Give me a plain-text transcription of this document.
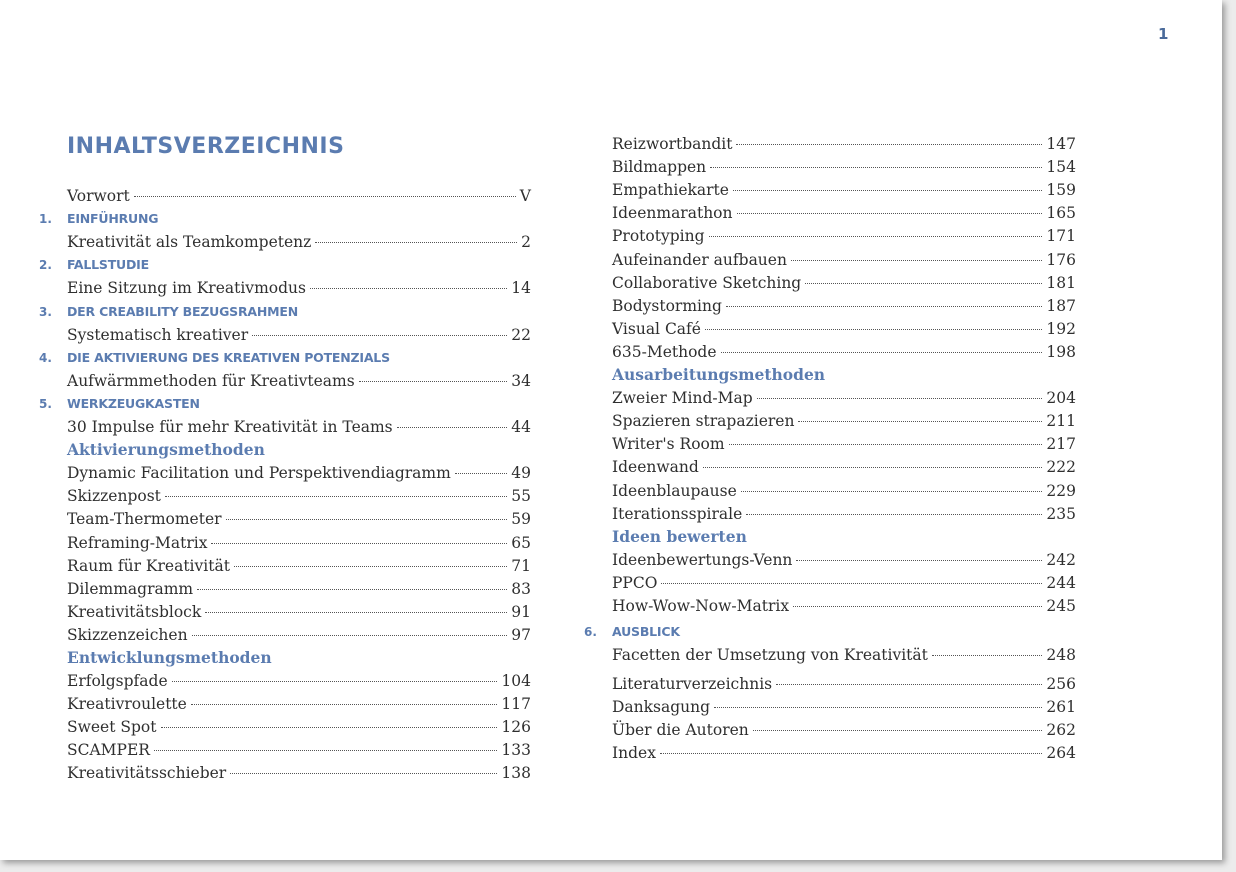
1
INHALTSVERZEICHNIS
Vorwort	V
1. EINFÜHRUNG
Kreativität als Teamkompetenz	2
2. FALLSTUDIE
Eine Sitzung im Kreativmodus	14
3. DER CREABILITY BEZUGSRAHMEN
Systematisch kreativer	22
4. DIE AKTIVIERUNG DES KREATIVEN POTENZIALS
Aufwärmmethoden für Kreativteams	34
5. WERKZEUGKASTEN
30 Impulse für mehr Kreativität in Teams	44
Aktivierungsmethoden
Dynamic Facilitation und Perspektivendiagramm	49
Skizzenpost	55
Team-Thermometer	59
Reframing-Matrix	65
Raum für Kreativität	71
Dilemmagramm	83
Kreativitätsblock	91
Skizzenzeichen	97
Entwicklungsmethoden
Erfolgspfade	104
Kreativroulette	117
Sweet Spot	126
SCAMPER	133
Kreativitätsschieber	138
Reizwortbandit	147
Bildmappen	154
Empathiekarte	159
Ideenmarathon	165
Prototyping	171
Aufeinander aufbauen	176
Collaborative Sketching	181
Bodystorming	187
Visual Café	192
635-Methode	198
Ausarbeitungsmethoden
Zweier Mind-Map	204
Spazieren strapazieren	211
Writer's Room	217
Ideenwand	222
Ideenblaupause	229
Iterationsspirale	235
Ideen bewerten
Ideenbewertungs-Venn	242
PPCO	244
How-Wow-Now-Matrix	245
6. AUSBLICK
Facetten der Umsetzung von Kreativität	248
Literaturverzeichnis	256
Danksagung	261
Über die Autoren	262
Index	264
